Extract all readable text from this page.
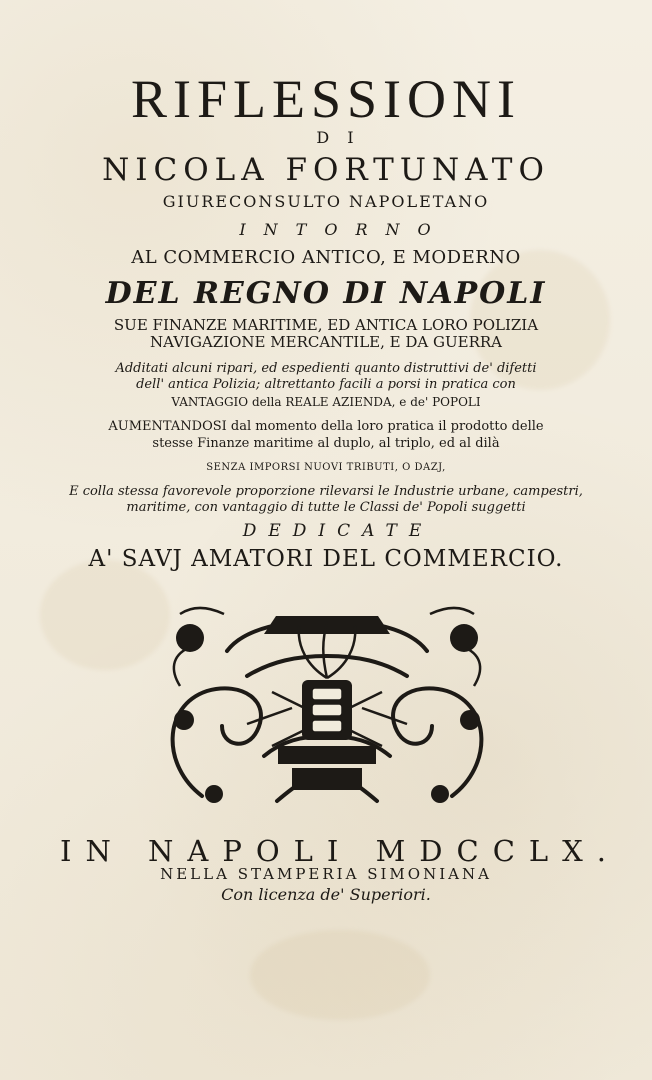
RIFLESSIONI
DI
NICOLA FORTUNATO
GIURECONSULTO NAPOLETANO
INTORNO
AL COMMERCIO ANTICO, E MODERNO
DEL REGNO DI NAPOLI
SUE FINANZE MARITIME, ED ANTICA LORO POLIZIA
NAVIGAZIONE MERCANTILE, E DA GUERRA
Additati alcuni ripari, ed espedienti quanto distruttivi de' difetti
dell' antica Polizia; altrettanto facili a porsi in pratica con
VANTAGGIO della REALE AZIENDA, e de' POPOLI
AUMENTANDOSI dal momento della loro pratica il prodotto delle
stesse Finanze maritime al duplo, al triplo, ed al dilà
SENZA IMPORSI NUOVI TRIBUTI, O DAZJ,
E colla stessa favorevole proporzione rilevarsi le Industrie urbane, campestri,
maritime, con vantaggio di tutte le Classi de' Popoli suggetti
DEDICATE
A' SAVJ AMATORI DEL COMMERCIO.
IN NAPOLI MDCCLX.
NELLA STAMPERIA SIMONIANA
Con licenza de' Superiori.
